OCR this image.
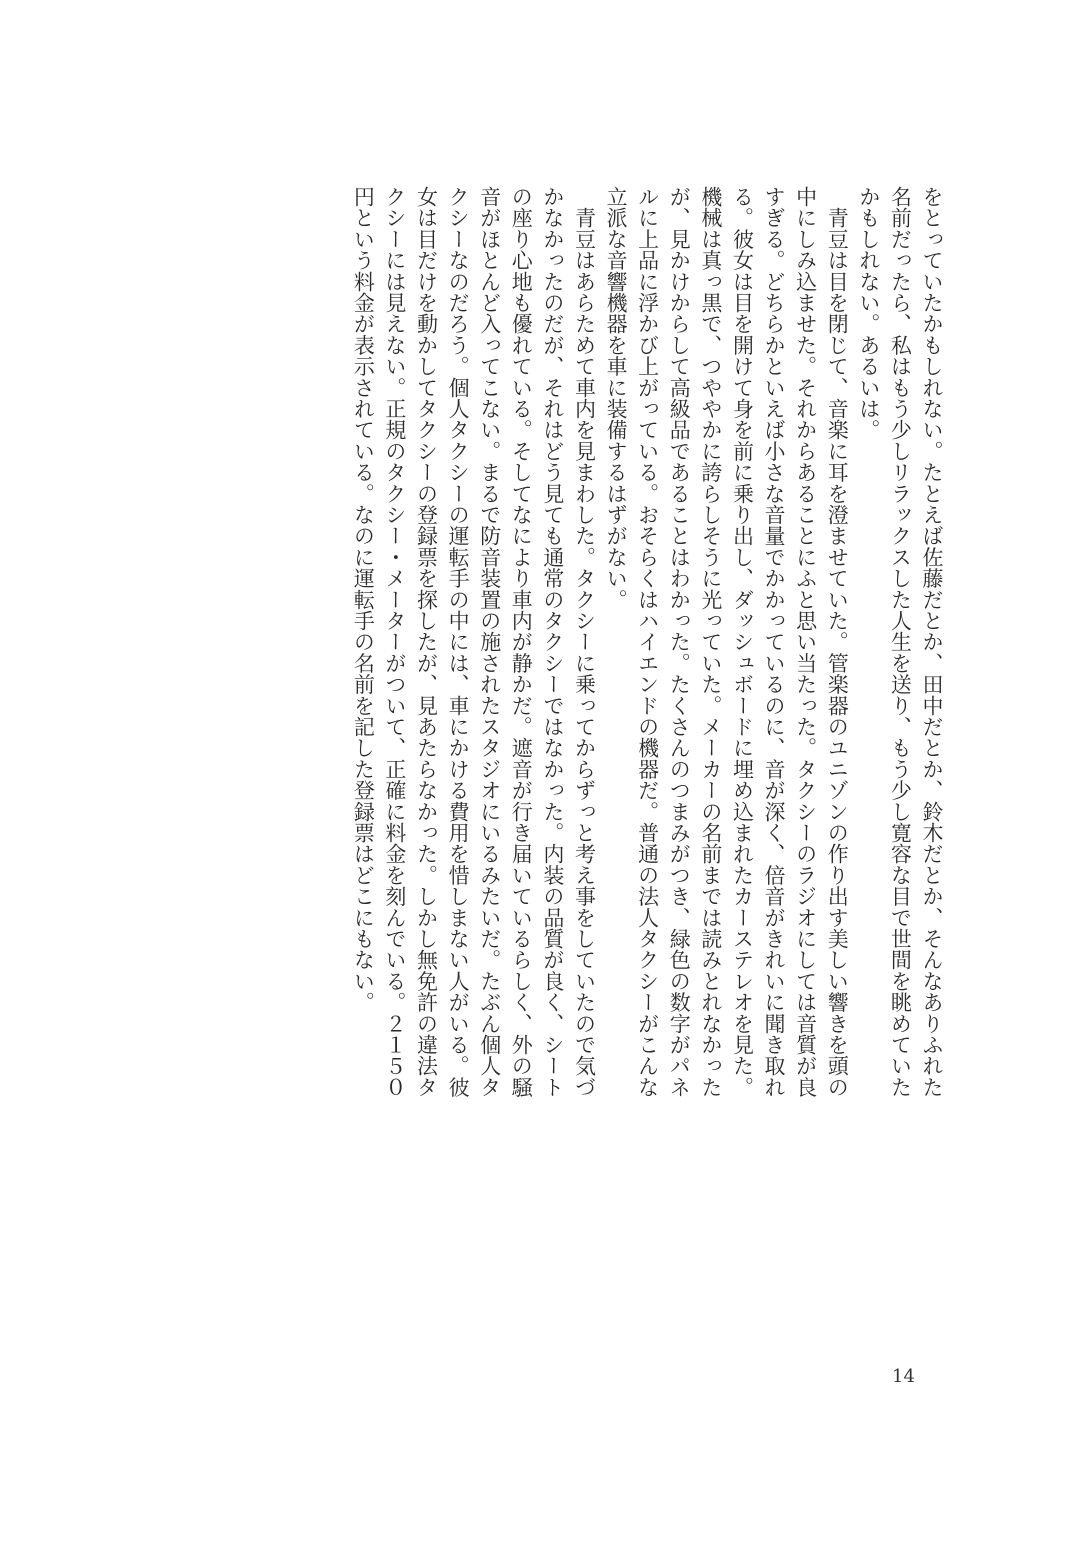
をとっていたかもしれない。たとえば佐藤だとか、田中だとか、鈴木だとか、そんなありふれた
名前だったら、私はもう少しリラックスした人生を送り、もう少し寛容な目で世間を眺めていた
かもしれない。あるいは。
　青豆は目を閉じて、音楽に耳を澄ませていた。管楽器のユニゾンの作り出す美しい響きを頭の
中にしみ込ませた。それからあることにふと思い当たった。タクシーのラジオにしては音質が良
すぎる。どちらかといえば小さな音量でかかっているのに、音が深く、倍音がきれいに聞き取れ
る。彼女は目を開けて身を前に乗り出し、ダッシュボードに埋め込まれたカーステレオを見た。
機械は真っ黒で、つややかに誇らしそうに光っていた。メーカーの名前までは読みとれなかった
が、見かけからして高級品であることはわかった。たくさんのつまみがつき、緑色の数字がパネ
ルに上品に浮かび上がっている。おそらくはハイエンドの機器だ。普通の法人タクシーがこんな
立派な音響機器を車に装備するはずがない。
　青豆はあらためて車内を見まわした。タクシーに乗ってからずっと考え事をしていたので気づ
かなかったのだが、それはどう見ても通常のタクシーではなかった。内装の品質が良く、シート
の座り心地も優れている。そしてなにより車内が静かだ。遮音が行き届いているらしく、外の騒
音がほとんど入ってこない。まるで防音装置の施されたスタジオにいるみたいだ。たぶん個人タ
クシーなのだろう。個人タクシーの運転手の中には、車にかける費用を惜しまない人がいる。彼
女は目だけを動かしてタクシーの登録票を探したが、見あたらなかった。しかし無免許の違法タ
クシーには見えない。正規のタクシー・メーターがついて、正確に料金を刻んでいる。２１５０
円という料金が表示されている。なのに運転手の名前を記した登録票はどこにもない。
14
